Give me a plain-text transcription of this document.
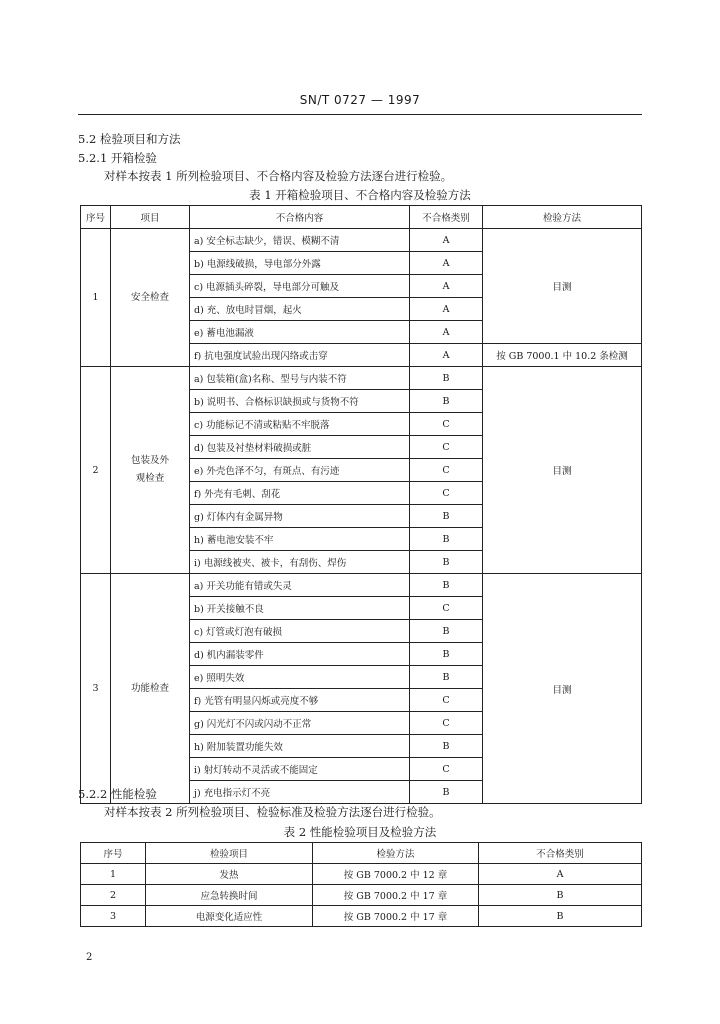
SN/T 0727 — 1997
5.2 检验项目和方法
5.2.1 开箱检验
对样本按表 1 所列检验项目、不合格内容及检验方法逐台进行检验。
表 1 开箱检验项目、不合格内容及检验方法
序号	项目	不合格内容	不合格类别	检验方法
1	安全检查	a) 安全标志缺少，错误、模糊不清	A	目测
		b) 电源线破损，导电部分外露	A	
		c) 电源插头碎裂，导电部分可触及	A	
		d) 充、放电时冒烟，起火	A	
		e) 蓄电池漏液	A	
		f) 抗电强度试验出现闪络或击穿	A	按 GB 7000.1 中 10.2 条检测
2	包装及外观检查	a) 包装箱(盒)名称、型号与内装不符	B	目测
		b) 说明书、合格标识缺损或与货物不符	B	
		c) 功能标记不清或粘贴不牢脱落	C	
		d) 包装及衬垫材料破损或脏	C	
		e) 外壳色泽不匀，有斑点、有污迹	C	
		f) 外壳有毛刺、刮花	C	
		g) 灯体内有金属异物	B	
		h) 蓄电池安装不牢	B	
		i) 电源线被夹、被卡，有刮伤、焊伤	B	
3	功能检查	a) 开关功能有错或失灵	B	目测
		b) 开关接触不良	C	
		c) 灯管或灯泡有破损	B	
		d) 机内漏装零件	B	
		e) 照明失效	B	
		f) 光管有明显闪烁或亮度不够	C	
		g) 闪光灯不闪或闪动不正常	C	
		h) 附加装置功能失效	B	
		i) 射灯转动不灵活或不能固定	C	
		j) 充电指示灯不亮	B	
5.2.2 性能检验
对样本按表 2 所列检验项目、检验标准及检验方法逐台进行检验。
表 2 性能检验项目及检验方法
序号	检验项目	检验方法	不合格类别
1	发热	按 GB 7000.2 中 12 章	A
2	应急转换时间	按 GB 7000.2 中 17 章	B
3	电源变化适应性	按 GB 7000.2 中 17 章	B
2
